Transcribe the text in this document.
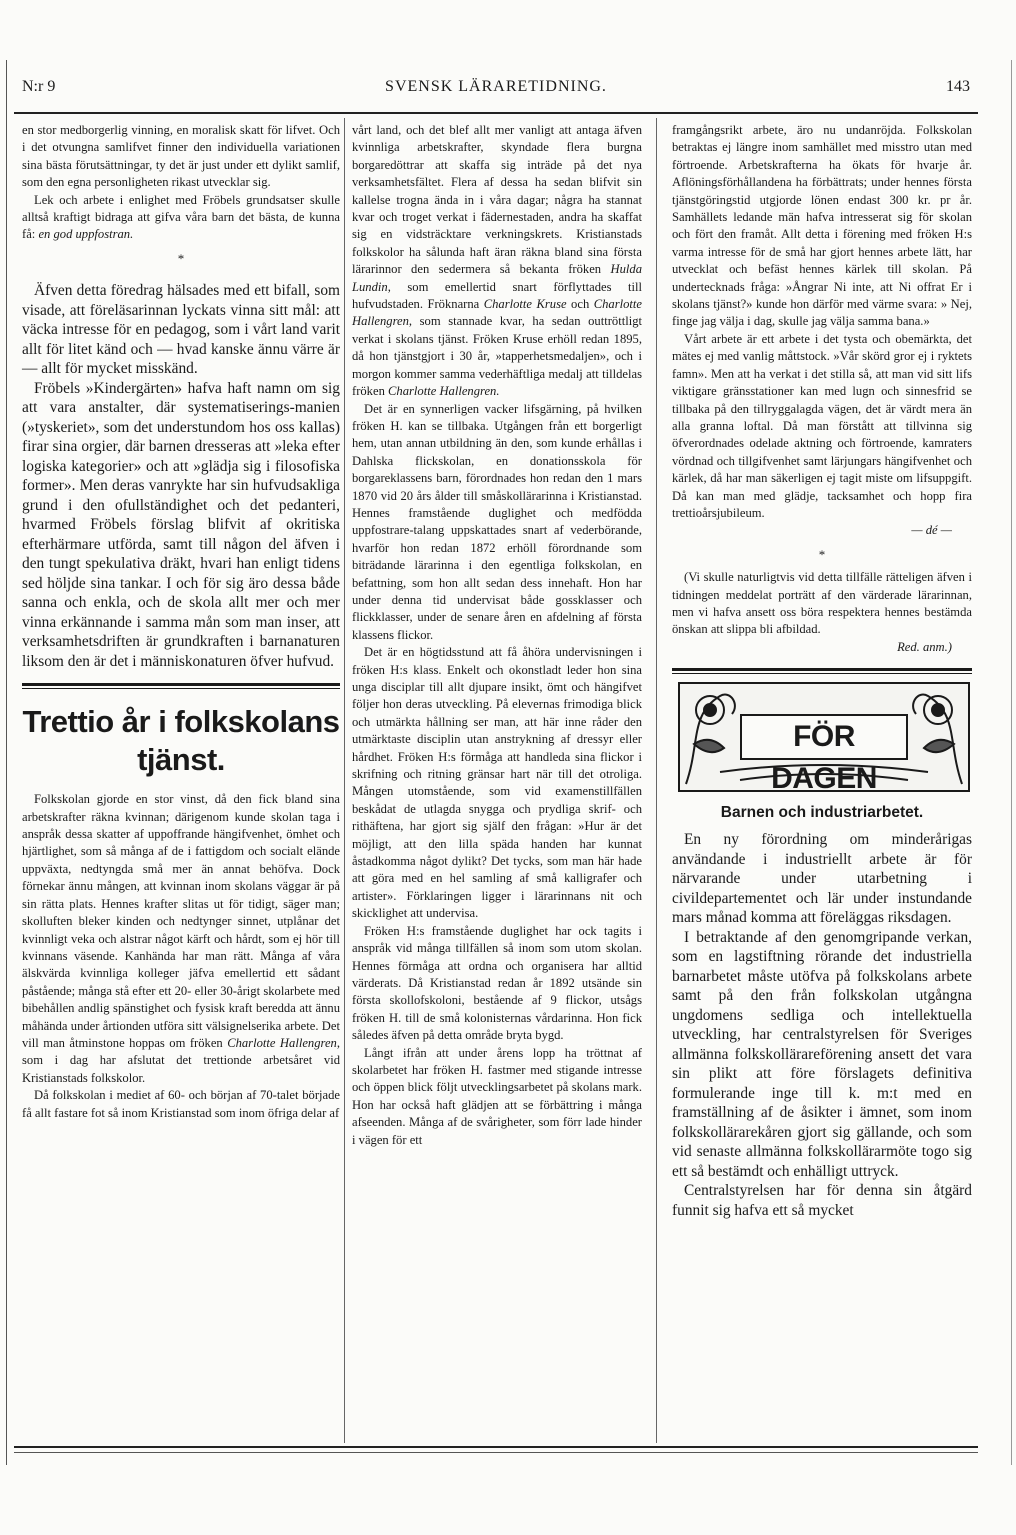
N:r 9	SVENSK LÄRARETIDNING.	143

en stor medborgerlig vinning, en moralisk skatt för lifvet. Och i det otvungna samlifvet finner den individuella variationen sina bästa förutsättningar, ty det är just under ett dylikt samlif, som den egna personligheten rikast utvecklar sig.

Lek och arbete i enlighet med Fröbels grundsatser skulle alltså kraftigt bidraga att gifva våra barn det bästa, de kunna få: en god uppfostran.

*

Äfven detta föredrag hälsades med ett bifall, som visade, att föreläsarinnan lyckats vinna sitt mål: att väcka intresse för en pedagog, som i vårt land varit allt för litet känd och — hvad kanske ännu värre är — allt för mycket misskänd.

Fröbels »Kindergärten» hafva haft namn om sig att vara anstalter, där systematiserings-manien (»tyskeriet», som det understundom hos oss kallas) firar sina orgier, där barnen dresseras att »leka efter logiska kategorier» och att »glädja sig i filosofiska former». Men deras vanrykte har sin hufvudsakliga grund i den ofullständighet och det pedanteri, hvarmed Fröbels förslag blifvit af okritiska efterhärmare utförda, samt till någon del äfven i den tungt spekulativa dräkt, hvari han enligt tidens sed höljde sina tankar. I och för sig äro dessa både sanna och enkla, och de skola allt mer och mer vinna erkännande i samma mån som man inser, att verksamhetsdriften är grundkraften i barnanaturen liksom den är det i människonaturen öfver hufvud.

Trettio år i folkskolans tjänst.

Folkskolan gjorde en stor vinst, då den fick bland sina arbetskrafter räkna kvinnan; därigenom kunde skolan taga i anspråk dessa skatter af uppoffrande hängifvenhet, ömhet och hjärtlighet, som så många af de i fattigdom och socialt elände uppväxta, nedtyngda små mer än annat behöfva. Dock förnekar ännu mången, att kvinnan inom skolans väggar är på sin rätta plats. Hennes krafter slitas ut för tidigt, säger man; skolluften bleker kinden och nedtynger sinnet, utplånar det kvinnligt veka och alstrar något kärft och hårdt, som ej hör till kvinnans väsende. Kanhända har man rätt. Många af våra älskvärda kvinnliga kolleger jäfva emellertid ett sådant påstående; många stå efter ett 20- eller 30-årigt skolarbete med bibehållen andlig spänstighet och fysisk kraft beredda att ännu måhända under årtionden utföra sitt välsignelserika arbete. Det vill man åtminstone hoppas om fröken Charlotte Hallengren, som i dag har afslutat det trettionde arbetsåret vid Kristianstads folkskolor.

Då folkskolan i mediet af 60- och början af 70-talet började få allt fastare fot så inom Kristianstad som inom öfriga delar af

vårt land, och det blef allt mer vanligt att antaga äfven kvinnliga arbetskrafter, skyndade flera burgna borgaredöttrar att skaffa sig inträde på det nya verksamhetsfältet. Flera af dessa ha sedan blifvit sin kallelse trogna ända in i våra dagar; några ha stannat kvar och troget verkat i fädernestaden, andra ha skaffat sig en vidsträcktare verkningskrets. Kristianstads folkskolor ha sålunda haft äran räkna bland sina första lärarinnor den sedermera så bekanta fröken Hulda Lundin, som emellertid snart förflyttades till hufvudstaden. Fröknarna Charlotte Kruse och Charlotte Hallengren, som stannade kvar, ha sedan outtröttligt verkat i skolans tjänst. Fröken Kruse erhöll redan 1895, då hon tjänstgjort i 30 år, »tapperhetsmedaljen», och i morgon kommer samma vederhäftliga medalj att tilldelas fröken Charlotte Hallengren.

Det är en synnerligen vacker lifsgärning, på hvilken fröken H. kan se tillbaka. Utgången från ett borgerligt hem, utan annan utbildning än den, som kunde erhållas i Dahlska flickskolan, en donationsskola för borgareklassens barn, förordnades hon redan den 1 mars 1870 vid 20 års ålder till småskollärarinna i Kristianstad. Hennes framstående duglighet och medfödda uppfostrare-talang uppskattades snart af vederbörande, hvarför hon redan 1872 erhöll förordnande som biträdande lärarinna i den egentliga folkskolan, en befattning, som hon allt sedan dess innehaft. Hon har under denna tid undervisat både gossklasser och flickklasser, under de senare åren en afdelning af första klassens flickor.

Det är en högtidsstund att få åhöra undervisningen i fröken H:s klass. Enkelt och okonstladt leder hon sina unga disciplar till allt djupare insikt, ömt och hängifvet följer hon deras utveckling. På elevernas frimodiga blick och utmärkta hållning ser man, att här inne råder den utmärktaste disciplin utan anstrykning af dressyr eller hårdhet. Fröken H:s förmåga att handleda sina flickor i skrifning och ritning gränsar hart när till det otroliga. Mången utomstående, som vid examenstillfällen beskådat de utlagda snygga och prydliga skrif- och rithäftena, har gjort sig själf den frågan: »Hur är det möjligt, att den lilla späda handen har kunnat åstadkomma något dylikt? Det tycks, som man här hade att göra med en hel samling af små kalligrafer och artister». Förklaringen ligger i lärarinnans nit och skicklighet att undervisa.

Fröken H:s framstående duglighet har ock tagits i anspråk vid många tillfällen så inom som utom skolan. Hennes förmåga att ordna och organisera har alltid värderats. Då Kristianstad redan år 1892 utsände sin första skollofskoloni, bestående af 9 flickor, utsågs fröken H. till de små kolonisternas vårdarinna. Hon fick således äfven på detta område bryta bygd.

Långt ifrån att under årens lopp ha tröttnat af skolarbetet har fröken H. fastmer med stigande intresse och öppen blick följt utvecklingsarbetet på skolans mark. Hon har också haft glädjen att se förbättring i många afseenden. Många af de svårigheter, som förr lade hinder i vägen för ett

framgångsrikt arbete, äro nu undanröjda. Folkskolan betraktas ej längre inom samhället med misstro utan med förtroende. Arbetskrafterna ha ökats för hvarje år. Aflöningsförhållandena ha förbättrats; under hennes första tjänstgöringstid utgjorde lönen endast 300 kr. pr år. Samhällets ledande män hafva intresserat sig för skolan och fört den framåt. Allt detta i förening med fröken H:s varma intresse för de små har gjort hennes arbete lätt, har utvecklat och befäst hennes kärlek till skolan. På undertecknads fråga: »Ångrar Ni inte, att Ni offrat Er i skolans tjänst?» kunde hon därför med värme svara: » Nej, finge jag välja i dag, skulle jag välja samma bana.»

Vårt arbete är ett arbete i det tysta och obemärkta, det mätes ej med vanlig måttstock. »Vår skörd gror ej i ryktets famn». Men att ha verkat i det stilla så, att man vid sitt lifs viktigare gränsstationer kan med lugn och sinnesfrid se tillbaka på den tillryggalagda vägen, det är värdt mera än alla granna loftal. Då man förstått att tillvinna sig öfverordnades odelade aktning och förtroende, kamraters vördnad och tillgifvenhet samt lärjungars hängifvenhet och kärlek, då har man säkerligen ej tagit miste om lifsuppgift. Då kan man med glädje, tacksamhet och hopp fira trettioårsjubileum.

— dé —

*

(Vi skulle naturligtvis vid detta tillfälle rätteligen äfven i tidningen meddelat porträtt af den värderade lärarinnan, men vi hafva ansett oss böra respektera hennes bestämda önskan att slippa bli afbildad.

Red. anm.)

FÖR DAGEN
Barnen och industriarbetet.

En ny förordning om minderårigas användande i industriellt arbete är för närvarande under utarbetning i civildepartementet och lär under instundande mars månad komma att föreläggas riksdagen.

I betraktande af den genomgripande verkan, som en lagstiftning rörande det industriella barnarbetet måste utöfva på folkskolans arbete samt på den från folkskolan utgångna ungdomens sedliga och intellektuella utveckling, har centralstyrelsen för Sveriges allmänna folkskollärareförening ansett det vara sin plikt att före förslagets definitiva formulerande inge till k. m:t med en framställning af de åsikter i ämnet, som inom folkskollärarekåren gjort sig gällande, och som vid senaste allmänna folkskollärarmöte togo sig ett så bestämdt och enhälligt uttryck.

Centralstyrelsen har för denna sin åtgärd funnit sig hafva ett så mycket
